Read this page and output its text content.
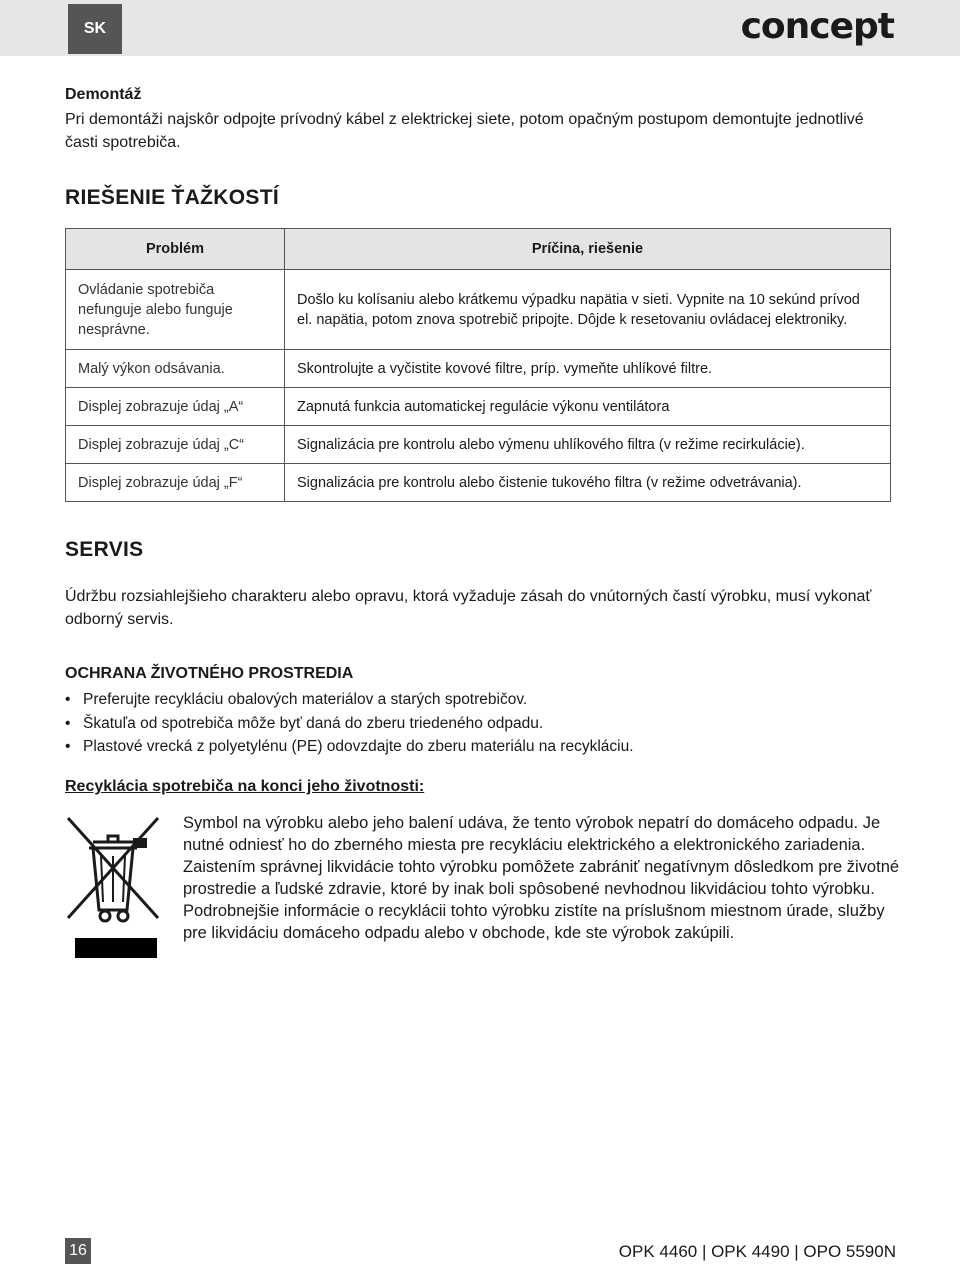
SK	concept
Demontáž
Pri demontáži najskôr odpojte prívodný kábel z elektrickej siete, potom opačným postupom demontujte jednotlivé časti spotrebiča.
RIEŠENIE ŤAŽKOSTÍ
Problém	Príčina, riešenie
Ovládanie spotrebiča nefunguje alebo funguje nesprávne.	Došlo ku kolísaniu alebo krátkemu výpadku napätia v sieti. Vypnite na 10 sekúnd prívod el. napätia, potom znova spotrebič pripojte. Dôjde k resetovaniu ovládacej elektroniky.
Malý výkon odsávania.	Skontrolujte a vyčistite kovové filtre, príp. vymeňte uhlíkové filtre.
Displej zobrazuje údaj „A“	Zapnutá funkcia automatickej regulácie výkonu ventilátora
Displej zobrazuje údaj „C“	Signalizácia pre kontrolu alebo výmenu uhlíkového filtra (v režime recirkulácie).
Displej zobrazuje údaj „F“	Signalizácia pre kontrolu alebo čistenie tukového filtra (v režime odvetrávania).
SERVIS
Údržbu rozsiahlejšieho charakteru alebo opravu, ktorá vyžaduje zásah do vnútorných častí výrobku, musí vykonať odborný servis.
OCHRANA ŽIVOTNÉHO PROSTREDIA
• Preferujte recykláciu obalových materiálov a starých spotrebičov.
• Škatuľa od spotrebiča môže byť daná do zberu triedeného odpadu.
• Plastové vrecká z polyetylénu (PE) odovzdajte do zberu materiálu na recykláciu.
Recyklácia spotrebiča na konci jeho životnosti:
Symbol na výrobku alebo jeho balení udáva, že tento výrobok nepatrí do domáceho odpadu. Je nutné odniesť ho do zberného miesta pre recykláciu elektrického a elektronického zariadenia. Zaistením správnej likvidácie tohto výrobku pomôžete zabrániť negatívnym dôsledkom pre životné prostredie a ľudské zdravie, ktoré by inak boli spôsobené nevhodnou likvidáciou tohto výrobku. Podrobnejšie informácie o recyklácii tohto výrobku zistíte na príslušnom miestnom úrade, služby pre likvidáciu domáceho odpadu alebo v obchode, kde ste výrobok zakúpili.
16	OPK 4460 | OPK 4490 | OPO 5590N
